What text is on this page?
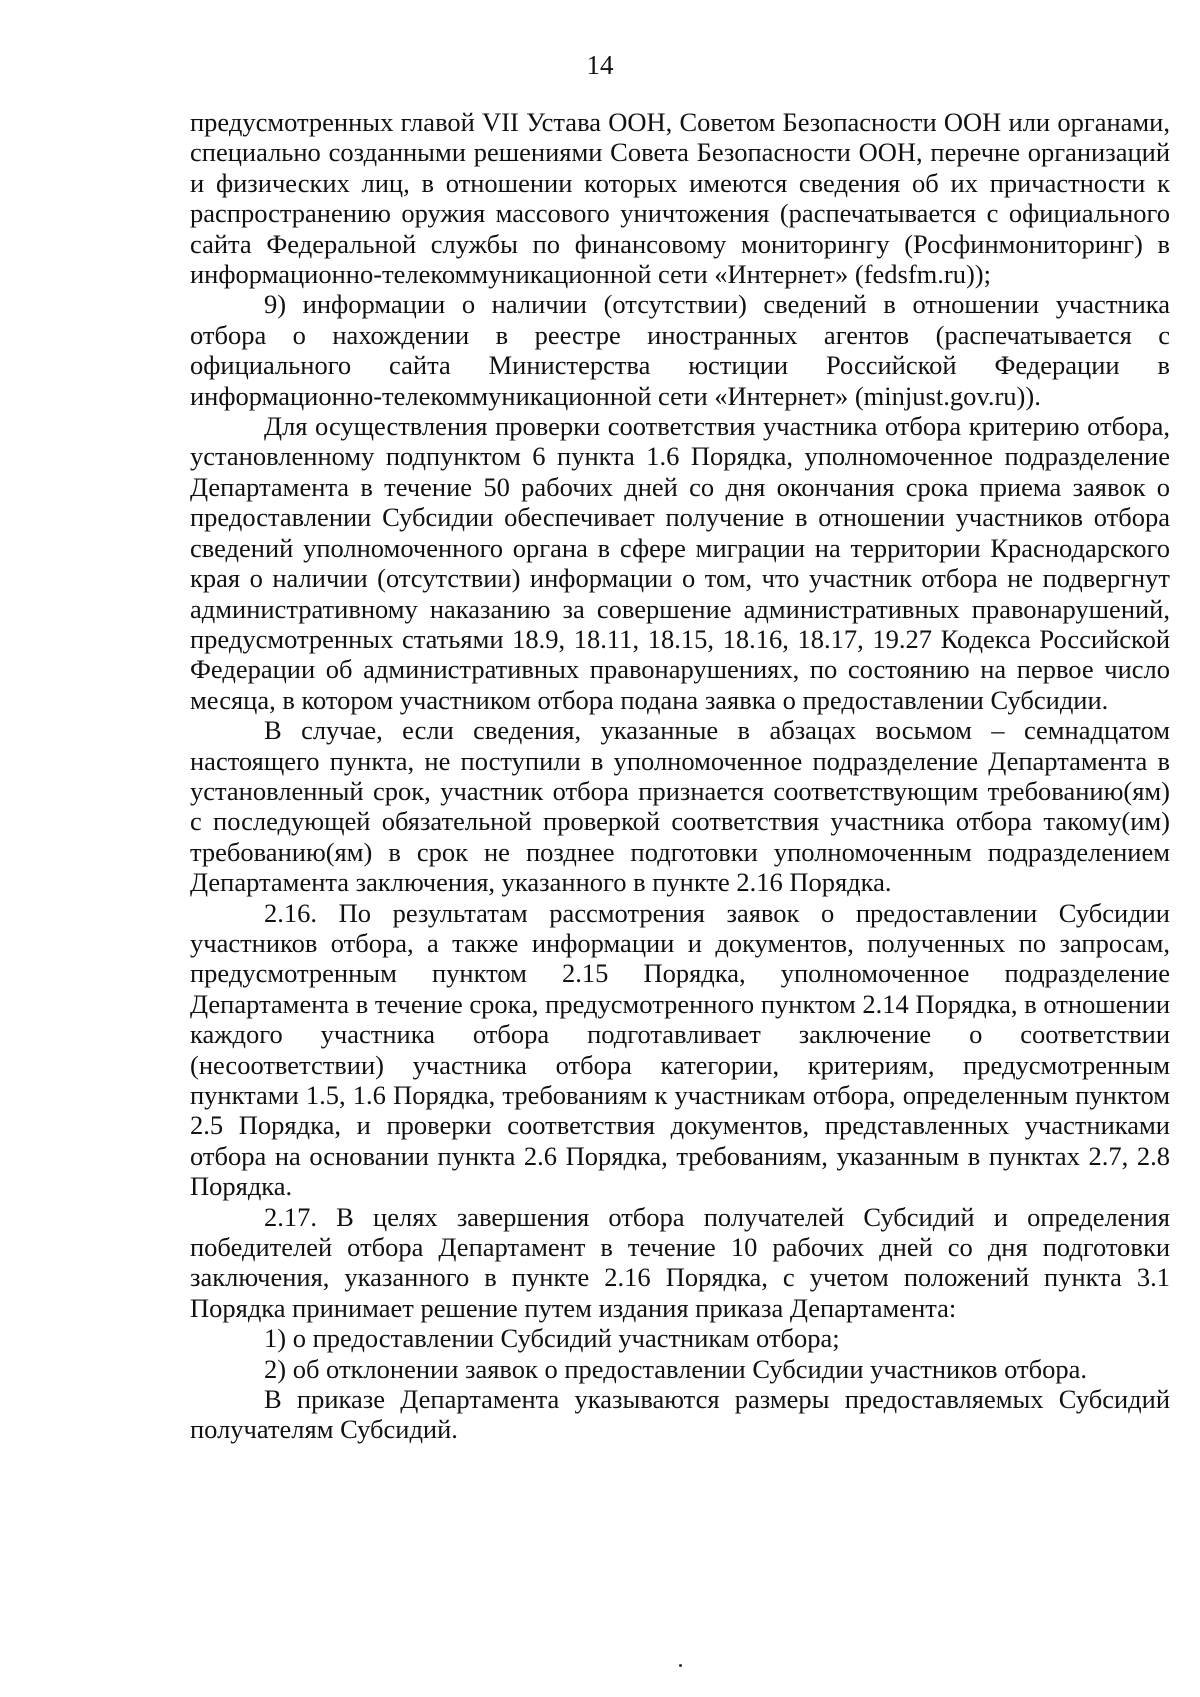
14

предусмотренных главой VII Устава ООН, Советом Безопасности ООН или органами, специально созданными решениями Совета Безопасности ООН, перечне организаций и физических лиц, в отношении которых имеются сведения об их причастности к распространению оружия массового уничтожения (распечатывается с официального сайта Федеральной службы по финансовому мониторингу (Росфинмониторинг) в информационно-телекоммуникационной сети «Интернет» (fedsfm.ru));

9) информации о наличии (отсутствии) сведений в отношении участника отбора о нахождении в реестре иностранных агентов (распечатывается с официального сайта Министерства юстиции Российской Федерации в информационно-телекоммуникационной сети «Интернет» (minjust.gov.ru)).

Для осуществления проверки соответствия участника отбора критерию отбора, установленному подпунктом 6 пункта 1.6 Порядка, уполномоченное подразделение Департамента в течение 50 рабочих дней со дня окончания срока приема заявок о предоставлении Субсидии обеспечивает получение в отношении участников отбора сведений уполномоченного органа в сфере миграции на территории Краснодарского края о наличии (отсутствии) информации о том, что участник отбора не подвергнут административному наказанию за совершение административных правонарушений, предусмотренных статьями 18.9, 18.11, 18.15, 18.16, 18.17, 19.27 Кодекса Российской Федерации об административных правонарушениях, по состоянию на первое число месяца, в котором участником отбора подана заявка о предоставлении Субсидии.

В случае, если сведения, указанные в абзацах восьмом – семнадцатом настоящего пункта, не поступили в уполномоченное подразделение Департамента в установленный срок, участник отбора признается соответствующим требованию(ям) с последующей обязательной проверкой соответствия участника отбора такому(им) требованию(ям) в срок не позднее подготовки уполномоченным подразделением Департамента заключения, указанного в пункте 2.16 Порядка.

2.16. По результатам рассмотрения заявок о предоставлении Субсидии участников отбора, а также информации и документов, полученных по запросам, предусмотренным пунктом 2.15 Порядка, уполномоченное подразделение Департамента в течение срока, предусмотренного пунктом 2.14 Порядка, в отношении каждого участника отбора подготавливает заключение о соответствии (несоответствии) участника отбора категории, критериям, предусмотренным пунктами 1.5, 1.6 Порядка, требованиям к участникам отбора, определенным пунктом 2.5 Порядка, и проверки соответствия документов, представленных участниками отбора на основании пункта 2.6 Порядка, требованиям, указанным в пунктах 2.7, 2.8 Порядка.

2.17. В целях завершения отбора получателей Субсидий и определения победителей отбора Департамент в течение 10 рабочих дней со дня подготовки заключения, указанного в пункте 2.16 Порядка, с учетом положений пункта 3.1 Порядка принимает решение путем издания приказа Департамента:

1) о предоставлении Субсидий участникам отбора;

2) об отклонении заявок о предоставлении Субсидии участников отбора.

В приказе Департамента указываются размеры предоставляемых Субсидий получателям Субсидий.
